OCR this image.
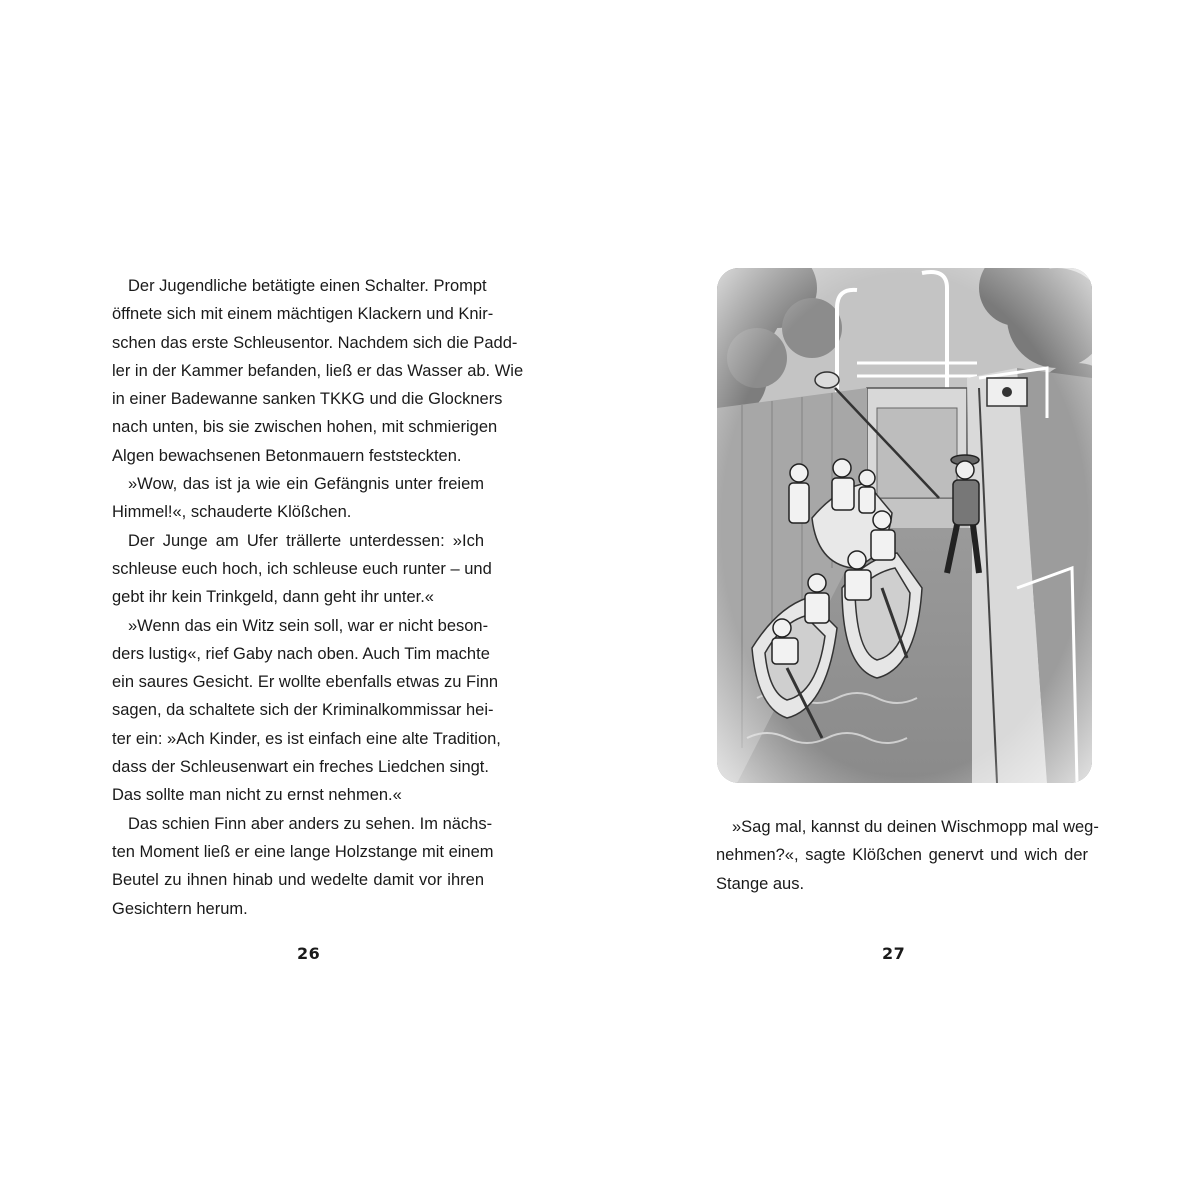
Der Jugendliche betätigte einen Schalter. Prompt
öffnete sich mit einem mächtigen Klackern und Knir-
schen das erste Schleusentor. Nachdem sich die Padd-
ler in der Kammer befanden, ließ er das Wasser ab. Wie
in einer Badewanne sanken TKKG und die Glockners
nach unten, bis sie zwischen hohen, mit schmierigen
Algen bewachsenen Betonmauern feststeckten.
»Wow, das ist ja wie ein Gefängnis unter freiem
Himmel!«, schauderte Klößchen.
Der Junge am Ufer trällerte unterdessen: »Ich
schleuse euch hoch, ich schleuse euch runter – und
gebt ihr kein Trinkgeld, dann geht ihr unter.«
»Wenn das ein Witz sein soll, war er nicht beson-
ders lustig«, rief Gaby nach oben. Auch Tim machte
ein saures Gesicht. Er wollte ebenfalls etwas zu Finn
sagen, da schaltete sich der Kriminalkommissar hei-
ter ein: »Ach Kinder, es ist einfach eine alte Tradition,
dass der Schleusenwart ein freches Liedchen singt.
Das sollte man nicht zu ernst nehmen.«
Das schien Finn aber anders zu sehen. Im nächs-
ten Moment ließ er eine lange Holzstange mit einem
Beutel zu ihnen hinab und wedelte damit vor ihren
Gesichtern herum.
26
»Sag mal, kannst du deinen Wischmopp mal weg-
nehmen?«, sagte Klößchen genervt und wich der
Stange aus.
27
